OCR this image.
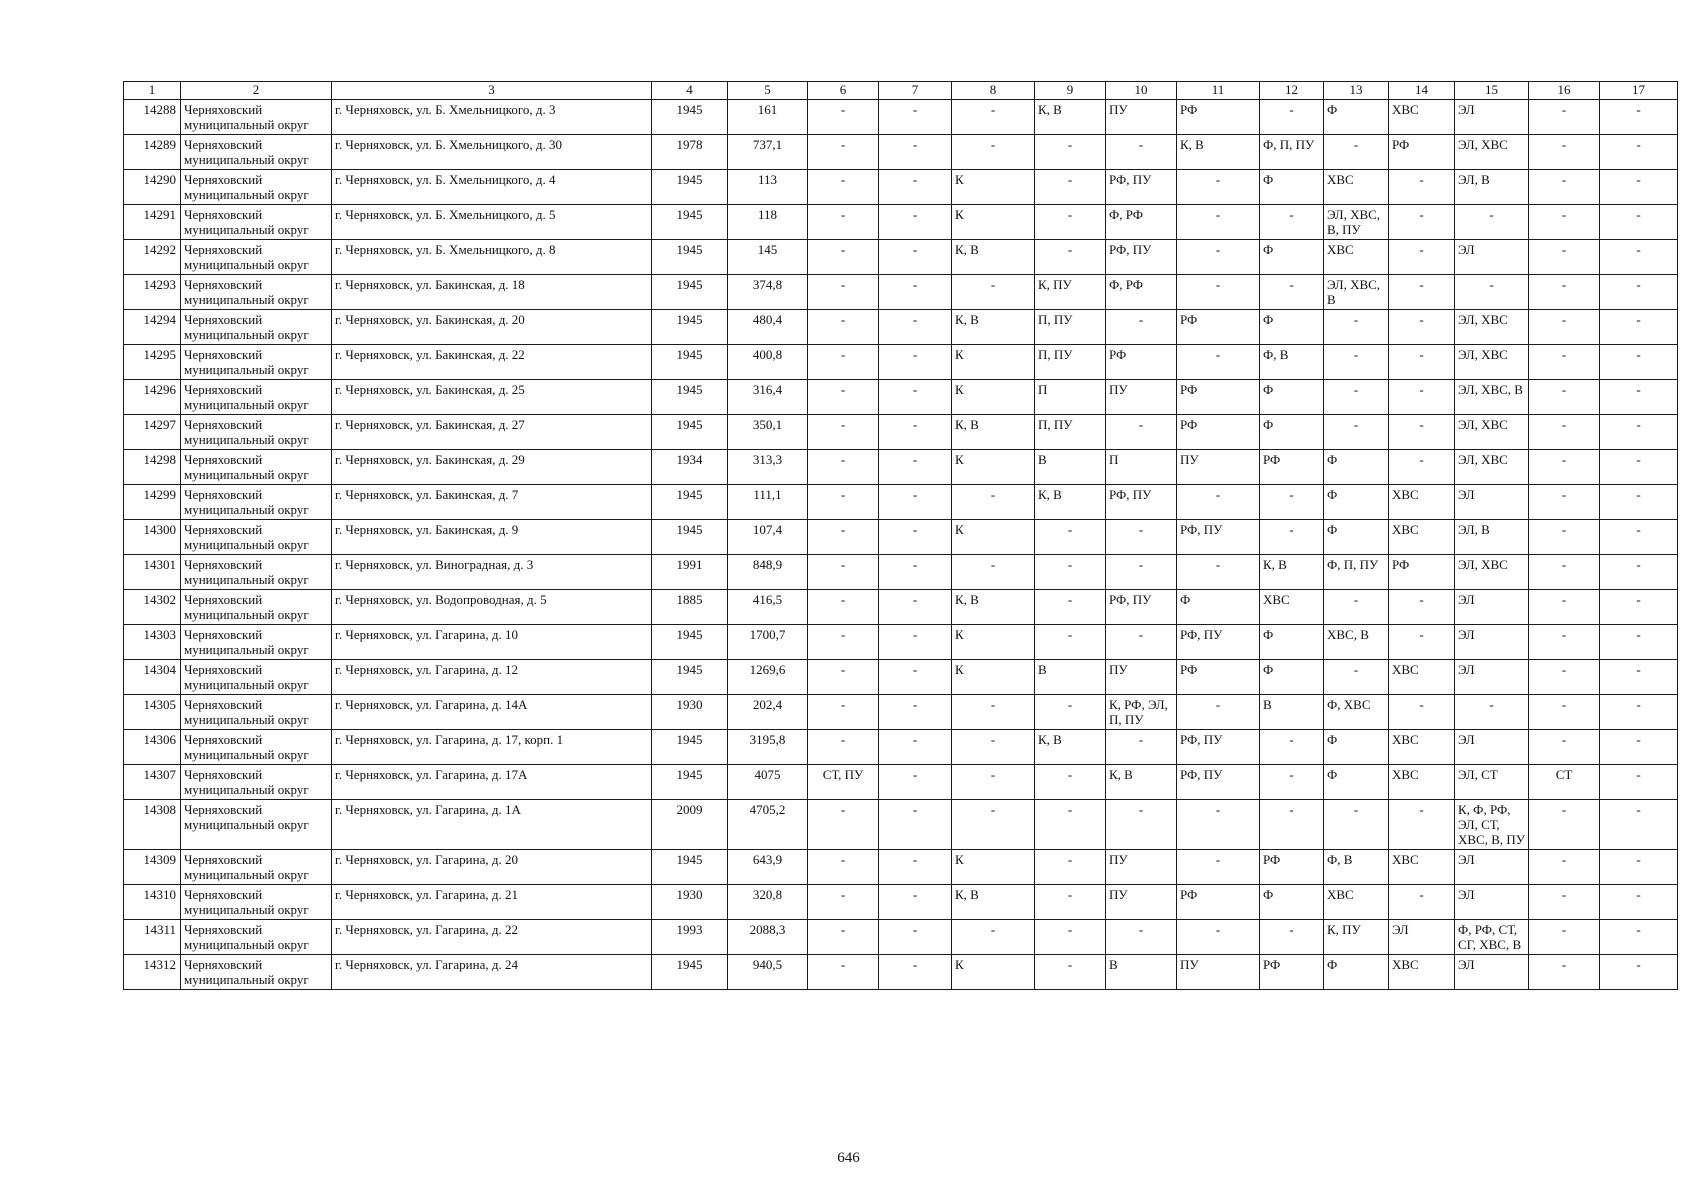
1	2	3	4	5	6	7	8	9	10	11	12	13	14	15	16	17
14288	Черняховский муниципальный округ	г. Черняховск, ул. Б. Хмельницкого, д. 3	1945	161	-	-	-	К, В	ПУ	РФ	-	Ф	ХВС	ЭЛ	-	-
14289	Черняховский муниципальный округ	г. Черняховск, ул. Б. Хмельницкого, д. 30	1978	737,1	-	-	-	-	-	К, В	Ф, П, ПУ	-	РФ	ЭЛ, ХВС	-	-
14290	Черняховский муниципальный округ	г. Черняховск, ул. Б. Хмельницкого, д. 4	1945	113	-	-	К	-	РФ, ПУ	-	Ф	ХВС	-	ЭЛ, В	-	-
14291	Черняховский муниципальный округ	г. Черняховск, ул. Б. Хмельницкого, д. 5	1945	118	-	-	К	-	Ф, РФ	-	-	ЭЛ, ХВС, В, ПУ	-	-	-	-
14292	Черняховский муниципальный округ	г. Черняховск, ул. Б. Хмельницкого, д. 8	1945	145	-	-	К, В	-	РФ, ПУ	-	Ф	ХВС	-	ЭЛ	-	-
14293	Черняховский муниципальный округ	г. Черняховск, ул. Бакинская, д. 18	1945	374,8	-	-	-	К, ПУ	Ф, РФ	-	-	ЭЛ, ХВС, В	-	-	-	-
14294	Черняховский муниципальный округ	г. Черняховск, ул. Бакинская, д. 20	1945	480,4	-	-	К, В	П, ПУ	-	РФ	Ф	-	-	ЭЛ, ХВС	-	-
14295	Черняховский муниципальный округ	г. Черняховск, ул. Бакинская, д. 22	1945	400,8	-	-	К	П, ПУ	РФ	-	Ф, В	-	-	ЭЛ, ХВС	-	-
14296	Черняховский муниципальный округ	г. Черняховск, ул. Бакинская, д. 25	1945	316,4	-	-	К	П	ПУ	РФ	Ф	-	-	ЭЛ, ХВС, В	-	-
14297	Черняховский муниципальный округ	г. Черняховск, ул. Бакинская, д. 27	1945	350,1	-	-	К, В	П, ПУ	-	РФ	Ф	-	-	ЭЛ, ХВС	-	-
14298	Черняховский муниципальный округ	г. Черняховск, ул. Бакинская, д. 29	1934	313,3	-	-	К	В	П	ПУ	РФ	Ф	-	ЭЛ, ХВС	-	-
14299	Черняховский муниципальный округ	г. Черняховск, ул. Бакинская, д. 7	1945	111,1	-	-	-	К, В	РФ, ПУ	-	-	Ф	ХВС	ЭЛ	-	-
14300	Черняховский муниципальный округ	г. Черняховск, ул. Бакинская, д. 9	1945	107,4	-	-	К	-	-	РФ, ПУ	-	Ф	ХВС	ЭЛ, В	-	-
14301	Черняховский муниципальный округ	г. Черняховск, ул. Виноградная, д. 3	1991	848,9	-	-	-	-	-	-	К, В	Ф, П, ПУ	РФ	ЭЛ, ХВС	-	-
14302	Черняховский муниципальный округ	г. Черняховск, ул. Водопроводная, д. 5	1885	416,5	-	-	К, В	-	РФ, ПУ	Ф	ХВС	-	-	ЭЛ	-	-
14303	Черняховский муниципальный округ	г. Черняховск, ул. Гагарина, д. 10	1945	1700,7	-	-	К	-	-	РФ, ПУ	Ф	ХВС, В	-	ЭЛ	-	-
14304	Черняховский муниципальный округ	г. Черняховск, ул. Гагарина, д. 12	1945	1269,6	-	-	К	В	ПУ	РФ	Ф	-	ХВС	ЭЛ	-	-
14305	Черняховский муниципальный округ	г. Черняховск, ул. Гагарина, д. 14А	1930	202,4	-	-	-	-	К, РФ, ЭЛ, П, ПУ	-	В	Ф, ХВС	-	-	-	-
14306	Черняховский муниципальный округ	г. Черняховск, ул. Гагарина, д. 17, корп. 1	1945	3195,8	-	-	-	К, В	-	РФ, ПУ	-	Ф	ХВС	ЭЛ	-	-
14307	Черняховский муниципальный округ	г. Черняховск, ул. Гагарина, д. 17А	1945	4075	СТ, ПУ	-	-	-	К, В	РФ, ПУ	-	Ф	ХВС	ЭЛ, СТ	СТ	-
14308	Черняховский муниципальный округ	г. Черняховск, ул. Гагарина, д. 1А	2009	4705,2	-	-	-	-	-	-	-	-	-	К, Ф, РФ, ЭЛ, СТ, ХВС, В, ПУ	-	-
14309	Черняховский муниципальный округ	г. Черняховск, ул. Гагарина, д. 20	1945	643,9	-	-	К	-	ПУ	-	РФ	Ф, В	ХВС	ЭЛ	-	-
14310	Черняховский муниципальный округ	г. Черняховск, ул. Гагарина, д. 21	1930	320,8	-	-	К, В	-	ПУ	РФ	Ф	ХВС	-	ЭЛ	-	-
14311	Черняховский муниципальный округ	г. Черняховск, ул. Гагарина, д. 22	1993	2088,3	-	-	-	-	-	-	-	К, ПУ	ЭЛ	Ф, РФ, СТ, СГ, ХВС, В	-	-
14312	Черняховский муниципальный округ	г. Черняховск, ул. Гагарина, д. 24	1945	940,5	-	-	К	-	В	ПУ	РФ	Ф	ХВС	ЭЛ	-	-
646
